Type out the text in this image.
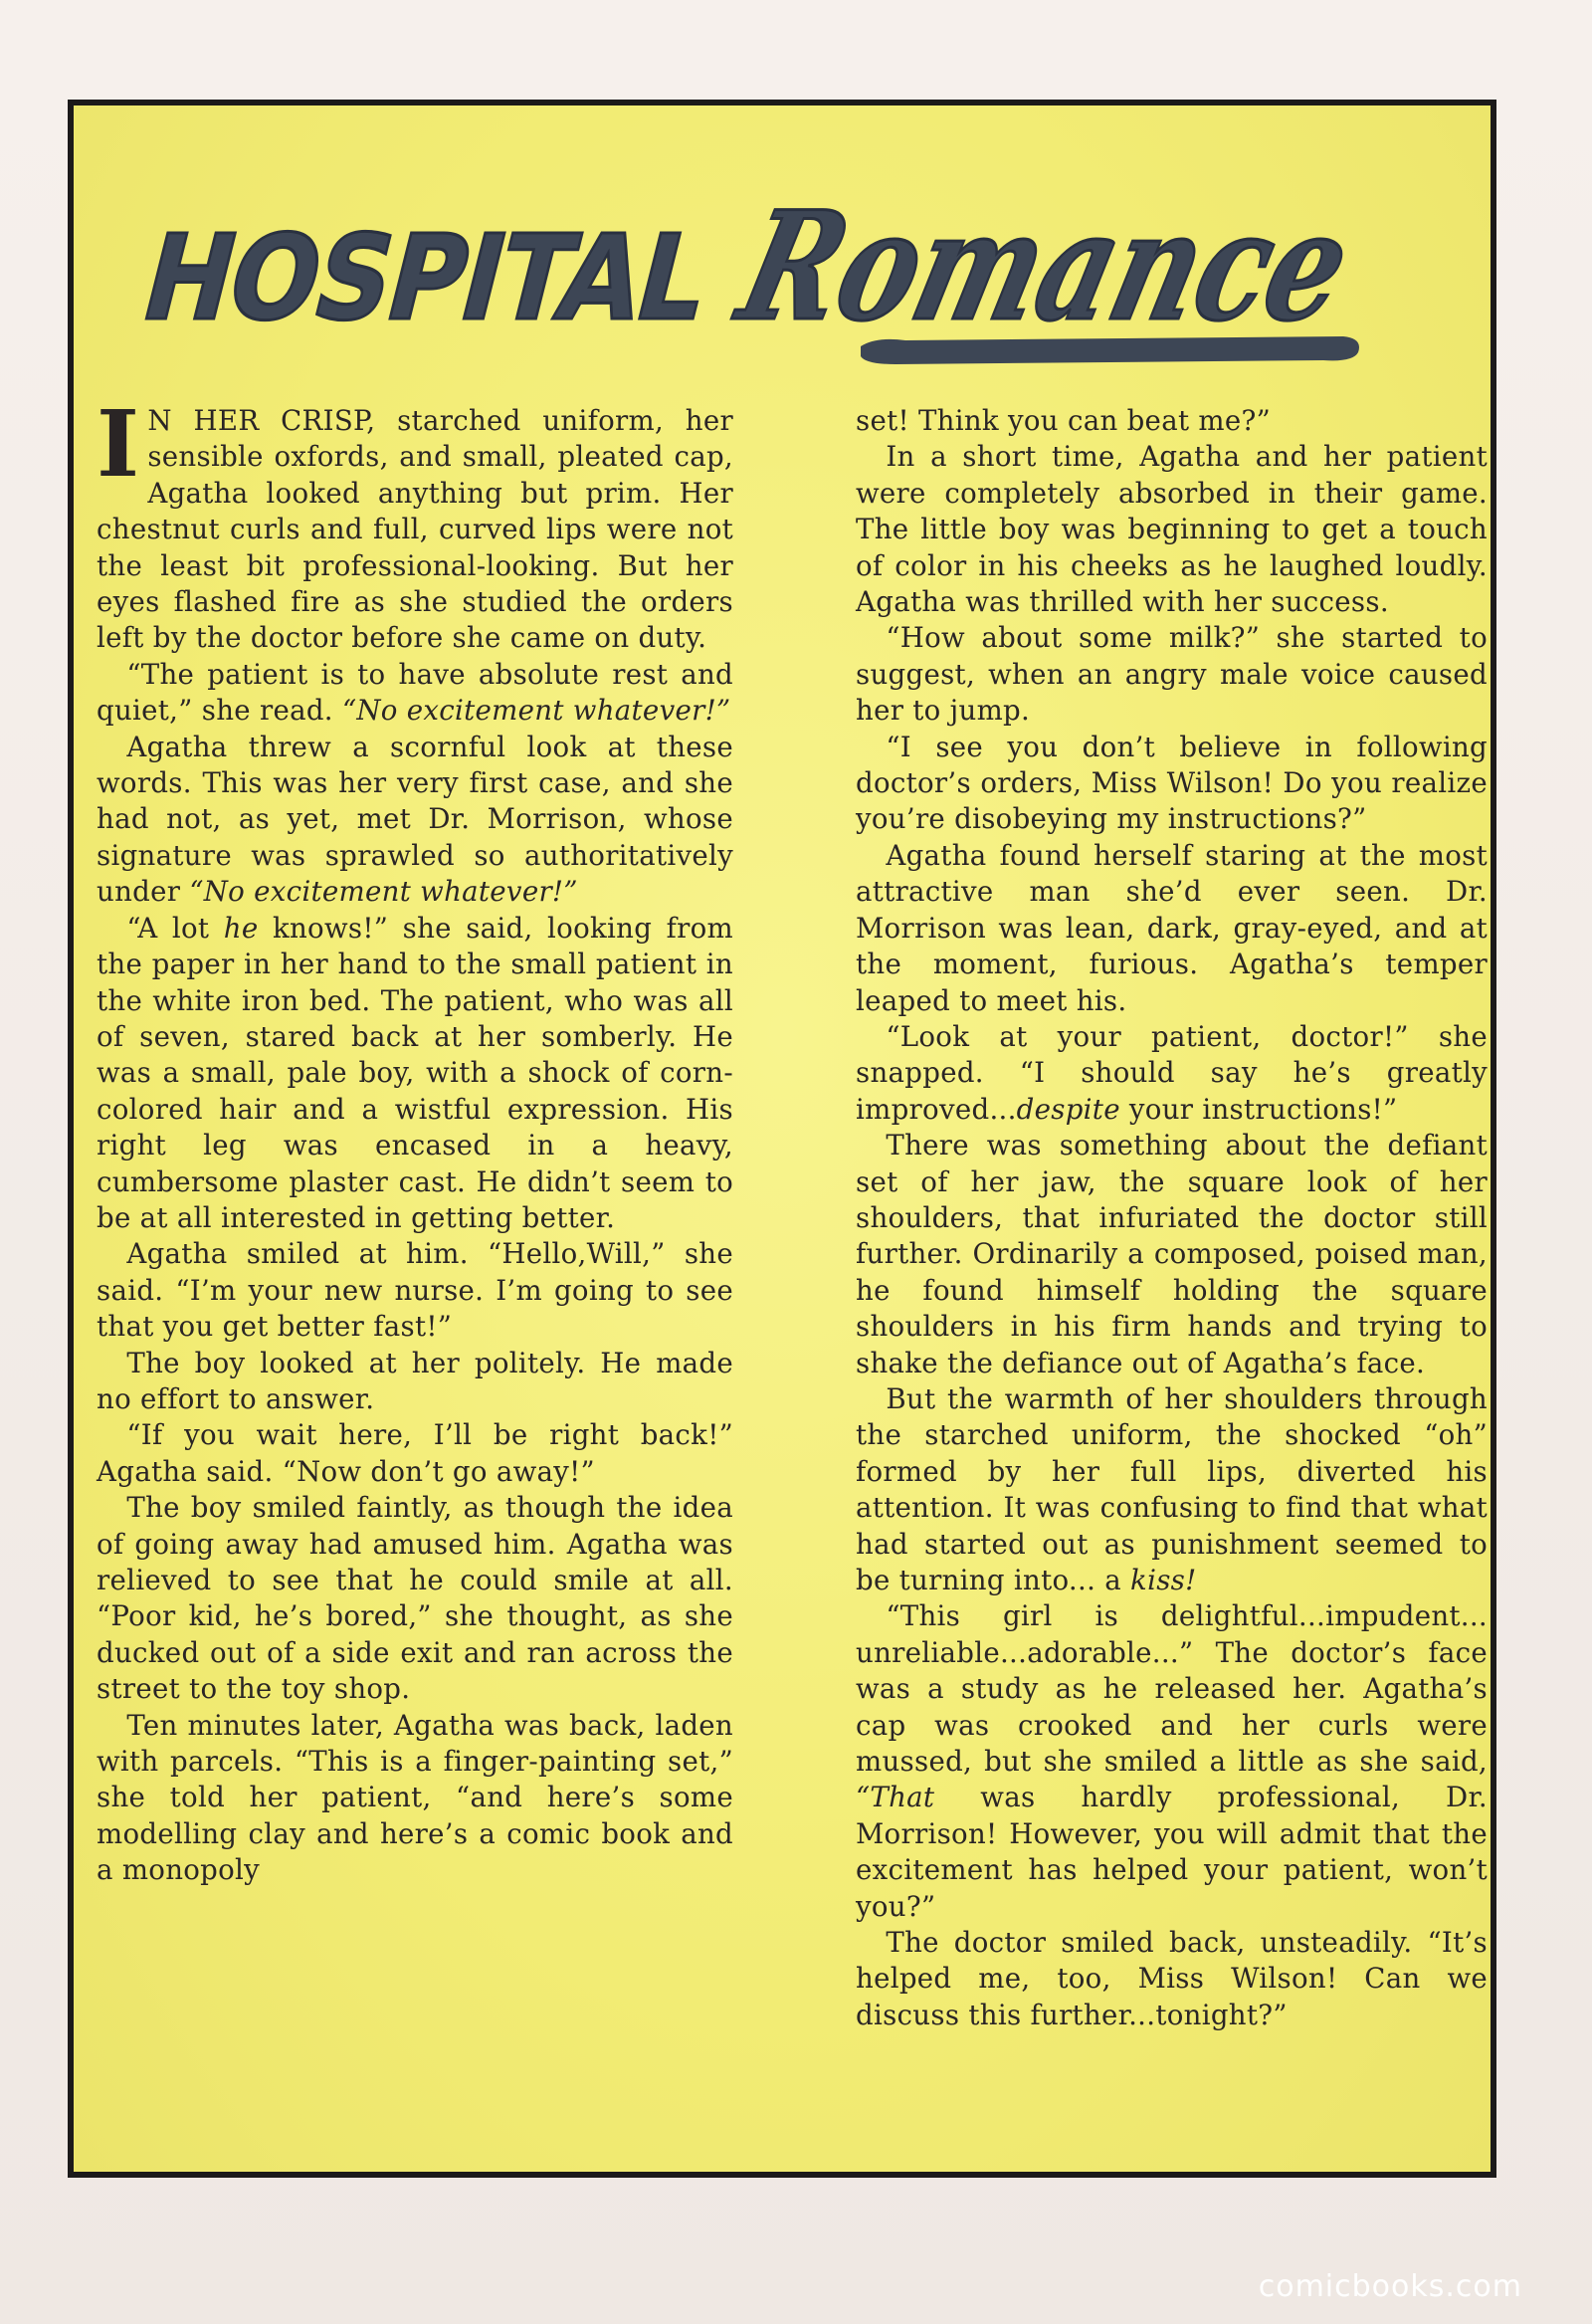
HOSPITAL
Romance

I N HER CRISP, starched uniform, her sensible oxfords, and small, pleated cap, Agatha looked anything but prim. Her chestnut curls and full, curved lips were not the least bit professional-looking. But her eyes flashed fire as she studied the orders left by the doctor before she came on duty.

“The patient is to have absolute rest and quiet,” she read. “No excitement whatever!”

Agatha threw a scornful look at these words. This was her very first case, and she had not, as yet, met Dr. Morrison, whose signature was sprawled so authoritatively under “No excitement whatever!”

“A lot he knows!” she said, looking from the paper in her hand to the small patient in the white iron bed. The patient, who was all of seven, stared back at her somberly. He was a small, pale boy, with a shock of corn-colored hair and a wistful expression. His right leg was encased in a heavy, cumbersome plaster cast. He didn’t seem to be at all interested in getting better.

Agatha smiled at him. “Hello,Will,” she said. “I’m your new nurse. I’m going to see that you get better fast!”

The boy looked at her politely. He made no effort to answer.

“If you wait here, I’ll be right back!” Agatha said. “Now don’t go away!”

The boy smiled faintly, as though the idea of going away had amused him. Agatha was relieved to see that he could smile at all. “Poor kid, he’s bored,” she thought, as she ducked out of a side exit and ran across the street to the toy shop.

Ten minutes later, Agatha was back, laden with parcels. “This is a finger-painting set,” she told her patient, “and here’s some modelling clay and here’s a comic book and a monopoly

set! Think you can beat me?”

In a short time, Agatha and her patient were completely absorbed in their game. The little boy was beginning to get a touch of color in his cheeks as he laughed loudly. Agatha was thrilled with her success.

“How about some milk?” she started to suggest, when an angry male voice caused her to jump.

“I see you don’t believe in following doctor’s orders, Miss Wilson! Do you realize you’re disobeying my instructions?”

Agatha found herself staring at the most attractive man she’d ever seen. Dr. Morrison was lean, dark, gray-eyed, and at the moment, furious. Agatha’s temper leaped to meet his.

“Look at your patient, doctor!” she snapped. “I should say he’s greatly improved...despite your instructions!”

There was something about the defiant set of her jaw, the square look of her shoulders, that infuriated the doctor still further. Ordinarily a composed, poised man, he found himself holding the square shoulders in his firm hands and trying to shake the defiance out of Agatha’s face.

But the warmth of her shoulders through the starched uniform, the shocked “oh” formed by her full lips, diverted his attention. It was confusing to find that what had started out as punishment seemed to be turning into... a kiss!

“This girl is delightful...impudent... unreliable...adorable...” The doctor’s face was a study as he released her. Agatha’s cap was crooked and her curls were mussed, but she smiled a little as she said, “That was hardly professional, Dr. Morrison! However, you will admit that the excitement has helped your patient, won’t you?”

The doctor smiled back, unsteadily. “It’s helped me, too, Miss Wilson! Can we discuss this further...tonight?”

comicbooks.com
